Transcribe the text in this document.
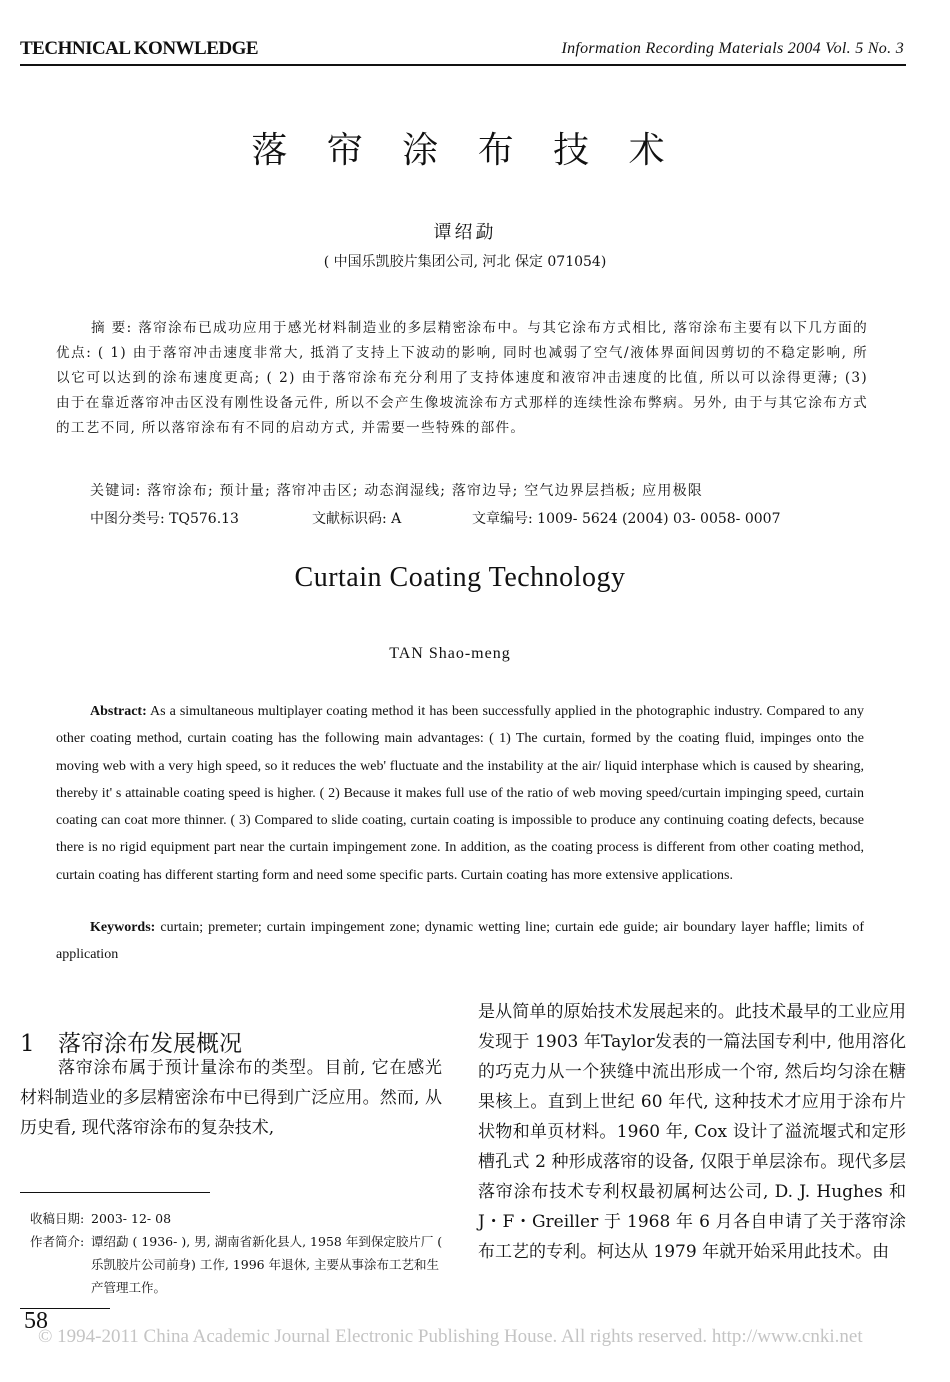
TECHNICAL KONWLEDGE	Information Recording Materials 2004 Vol. 5 No. 3
落 帘 涂 布 技 术
谭绍勐
( 中国乐凯胶片集团公司, 河北 保定 071054)
摘 要: 落帘涂布已成功应用于感光材料制造业的多层精密涂布中。与其它涂布方式相比, 落帘涂布主要有以下几方面的优点: ( 1) 由于落帘冲击速度非常大, 抵消了支持上下波动的影响, 同时也减弱了空气/液体界面间因剪切的不稳定影响, 所以它可以达到的涂布速度更高; ( 2) 由于落帘涂布充分利用了支持体速度和液帘冲击速度的比值, 所以可以涂得更薄; (3) 由于在靠近落帘冲击区没有刚性设备元件, 所以不会产生像坡流涂布方式那样的连续性涂布弊病。另外, 由于与其它涂布方式的工艺不同, 所以落帘涂布有不同的启动方式, 并需要一些特殊的部件。
关键词: 落帘涂布; 预计量; 落帘冲击区; 动态润湿线; 落帘边导; 空气边界层挡板; 应用极限
中图分类号: TQ576.13	文献标识码: A	文章编号: 1009- 5624 (2004) 03- 0058- 0007
Curtain Coating Technology
TAN Shao-meng
Abstract: As a simultaneous multiplayer coating method it has been successfully applied in the photographic industry. Compared to any other coating method, curtain coating has the following main advantages: ( 1) The curtain, formed by the coating fluid, impinges onto the moving web with a very high speed, so it reduces the web' fluctuate and the instability at the air/ liquid interphase which is caused by shearing, thereby it' s attainable coating speed is higher. ( 2) Because it makes full use of the ratio of web moving speed/curtain impinging speed, curtain coating can coat more thinner. ( 3) Compared to slide coating, curtain coating is impossible to produce any continuing coating defects, because there is no rigid equipment part near the curtain impingement zone. In addition, as the coating process is different from other coating method, curtain coating has different starting form and need some specific parts. Curtain coating has more extensive applications.
Keywords: curtain; premeter; curtain impingement zone; dynamic wetting line; curtain ede guide; air boundary layer haffle; limits of application
1 落帘涂布发展概况
落帘涂布属于预计量涂布的类型。目前, 它在感光材料制造业的多层精密涂布中已得到广泛应用。然而, 从历史看, 现代落帘涂布的复杂技术,
收稿日期: 2003- 12- 08
作者简介: 谭绍勐 ( 1936- ), 男, 湖南省新化县人, 1958 年到保定胶片厂 ( 乐凯胶片公司前身) 工作, 1996 年退休, 主要从事涂布工艺和生产管理工作。
是从简单的原始技术发展起来的。此技术最早的工业应用发现于 1903 年Taylor发表的一篇法国专利中, 他用溶化的巧克力从一个狭缝中流出形成一个帘, 然后均匀涂在糖果核上。直到上世纪 60 年代, 这种技术才应用于涂布片状物和单页材料。1960 年, Cox 设计了溢流堰式和定形槽孔式 2 种形成落帘的设备, 仅限于单层涂布。现代多层落帘涂布技术专利权最初属柯达公司, D. J. Hughes 和 J・F・Greiller 于 1968 年 6 月各自申请了关于落帘涂布工艺的专利。柯达从 1979 年就开始采用此技术。由
58
© 1994-2011 China Academic Journal Electronic Publishing House. All rights reserved. http://www.cnki.net
